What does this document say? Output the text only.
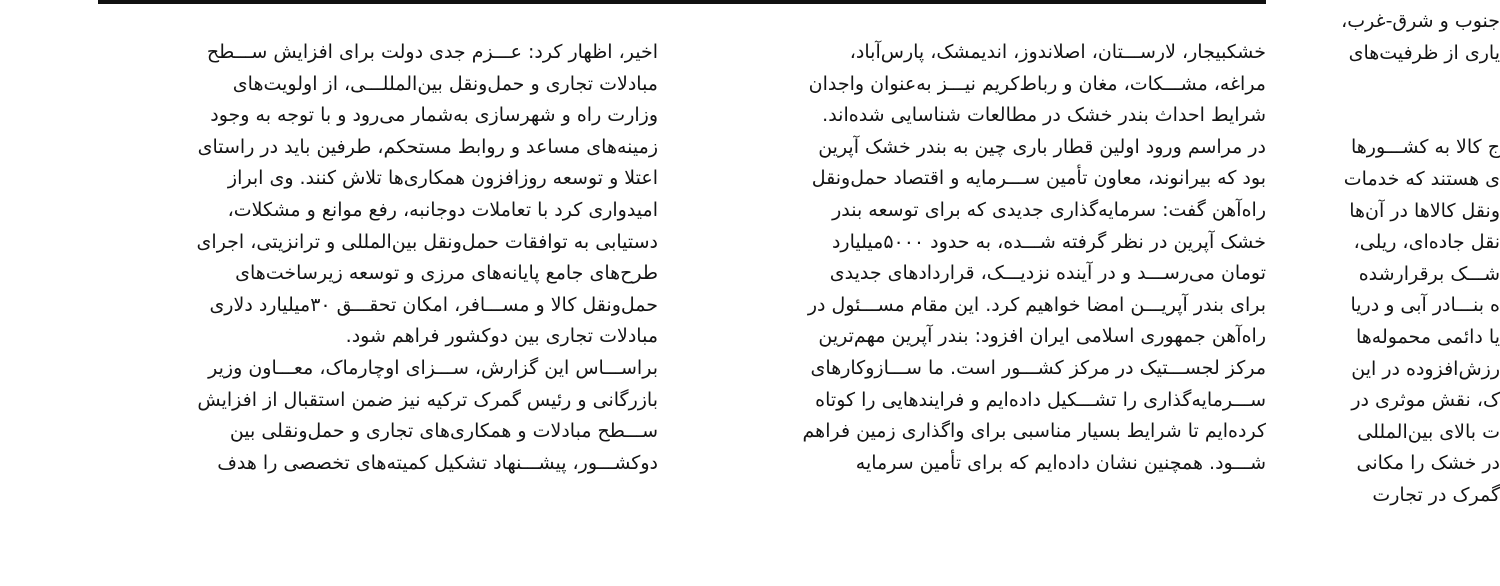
اخیر، اظهار کرد: عـــزم جدی دولت برای افزایش ســـطح
مبادلات تجاری و حمل‌ونقل بین‌المللـــی، از اولویت‌های
وزارت راه و شهرسازی به‌شمار می‌رود و با توجه به وجود
زمینه‌های مساعد و روابط مستحکم، طرفین باید در راستای
اعتلا و توسعه روزافزون همکاری‌ها تلاش کنند. وی ابراز
امیدواری کرد با تعاملات دوجانبه، رفع موانع و مشکلات،
دستیابی به توافقات حمل‌ونقل بین‌المللی و ترانزیتی، اجرای
طرح‌های جامع پایانه‌های مرزی و توسعه زیرساخت‌های
حمل‌ونقل کالا و مســـافر، امکان تحقـــق ۳۰میلیارد دلاری
مبادلات تجاری بین دوکشور فراهم شود.
براســـاس این گزارش، ســـزای اوچارماک، معـــاون وزیر
بازرگانی و رئیس گمرک ترکیه نیز ضمن استقبال از افزایش
ســـطح مبادلات و همکاری‌های تجاری و حمل‌ونقلی بین
دوکشـــور، پیشـــنهاد تشکیل کمیته‌های تخصصی را هدف
خشکبیجار، لارســـتان، اصلاندوز، اندیمشک، پارس‌آباد،
مراغه، مشـــکات، مغان و رباط‌کریم نیـــز به‌عنوان واجدان
شرایط احداث بندر خشک در مطالعات شناسایی شده‌اند.
در مراسم ورود اولین قطار باری چین به بندر خشک آپرین
بود که بیرانوند، معاون تأمین ســـرمایه و اقتصاد حمل‌ونقل
راه‌آهن گفت: سرمایه‌گذاری جدیدی که برای توسعه بندر
خشک آپرین در نظر گرفته شـــده، به حدود ۵۰۰۰میلیارد
تومان می‌رســـد و در آینده نزدیـــک، قراردادهای جدیدی
برای بندر آپریـــن امضا خواهیم کرد. این مقام مســـئول در
راه‌آهن جمهوری اسلامی ایران افزود: بندر آپرین مهم‌ترین
مرکز لجســـتیک در مرکز کشـــور است. ما ســـازوکارهای
ســـرمایه‌گذاری را تشـــکیل داده‌ایم و فرایندهایی را کوتاه
کرده‌ایم تا شرایط بسیار مناسبی برای واگذاری زمین فراهم
شـــود. همچنین نشان داده‌ایم که برای تأمین سرمایه
جنوب و شرق-غرب،
یاری از ظرفیت‌های
ج کالا به کشـــورها
ی هستند که خدمات
ونقل کالاها در آن‌ها
نقل جاده‌ای، ریلی،
شـــک برقرارشده
ه بنـــادر آبی و دریا
یا دائمی محموله‌ها
رزش‌افزوده در این
ک، نقش موثری در
ت بالای بین‌المللی
در خشک را مکانی
گمرک در تجارت
